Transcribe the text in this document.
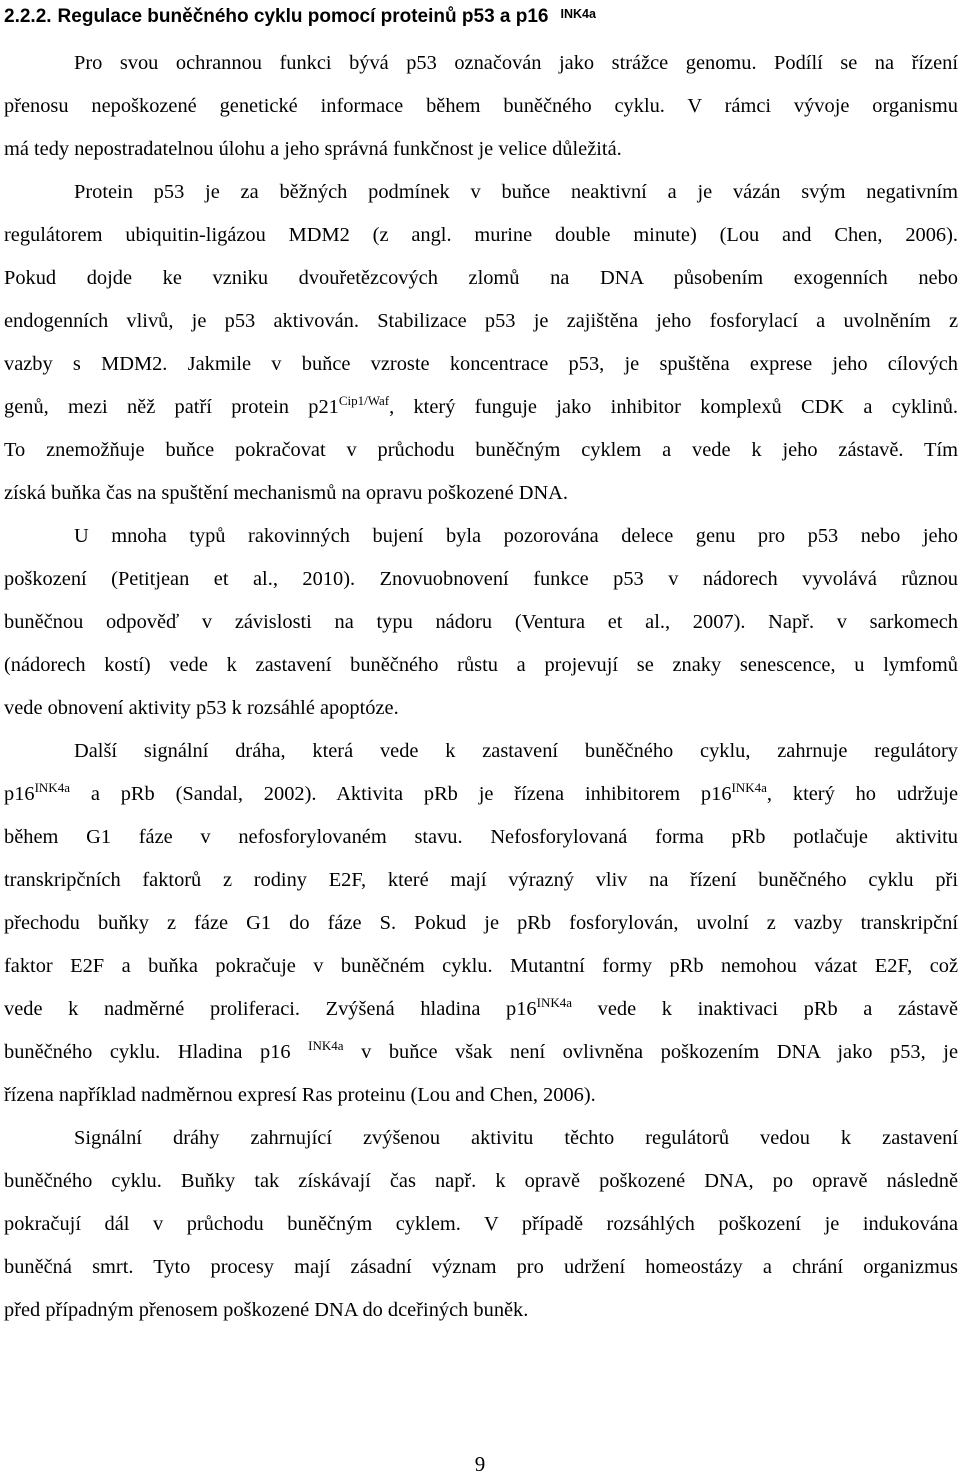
2.2.2. Regulace buněčného cyklu pomocí proteinů p53 a p16 $^{INK4a}$
Pro svou ochrannou funkci bývá p53 označován jako strážce genomu. Podílí se na řízení
přenosu nepoškozené genetické informace během buněčného cyklu. V rámci vývoje organismu
má tedy nepostradatelnou úlohu a jeho správná funkčnost je velice důležitá.
Protein p53 je za běžných podmínek v buňce neaktivní a je vázán svým negativním
regulátorem ubiquitin-ligázou MDM2 (z angl. murine double minute) (Lou and Chen, 2006).
Pokud dojde ke vzniku dvouřetězcových zlomů na DNA působením exogenních nebo
endogenních vlivů, je p53 aktivován. Stabilizace p53 je zajištěna jeho fosforylací a uvolněním z
vazby s MDM2. Jakmile v buňce vzroste koncentrace p53, je spuštěna exprese jeho cílových
genů, mezi něž patří protein $p21^{Cip1/Waf}$, který funguje jako inhibitor komplexů CDK a cyklinů.
To znemožňuje buňce pokračovat v průchodu buněčným cyklem a vede k jeho zástavě. Tím
získá buňka čas na spuštění mechanismů na opravu poškozené DNA.
U mnoha typů rakovinných bujení byla pozorována delece genu pro p53 nebo jeho
poškození (Petitjean et al., 2010). Znovuobnovení funkce p53 v nádorech vyvolává různou
buněčnou odpověď v závislosti na typu nádoru (Ventura et al., 2007). Např. v sarkomech
(nádorech kostí) vede k zastavení buněčného růstu a projevují se znaky senescence, u lymfomů
vede obnovení aktivity p53 k rozsáhlé apoptóze.
Další signální dráha, která vede k zastavení buněčného cyklu, zahrnuje regulátory
$p16^{INK4a}$ a pRb (Sandal, 2002). Aktivita pRb je řízena inhibitorem $p16^{INK4a}$, který ho udržuje
během G1 fáze v nefosforylovaném stavu. Nefosforylovaná forma pRb potlačuje aktivitu
transkripčních faktorů z rodiny E2F, které mají výrazný vliv na řízení buněčného cyklu při
přechodu buňky z fáze G1 do fáze S. Pokud je pRb fosforylován, uvolní z vazby transkripční
faktor E2F a buňka pokračuje v buněčném cyklu. Mutantní formy pRb nemohou vázat E2F, což
vede k nadměrné proliferaci. Zvýšená hladina $p16^{INK4a}$ vede k inaktivaci pRb a zástavě
buněčného cyklu. Hladina p16 $^{INK4a}$ v buňce však není ovlivněna poškozením DNA jako p53, je
řízena například nadměrnou expresí Ras proteinu (Lou and Chen, 2006).
Signální dráhy zahrnující zvýšenou aktivitu těchto regulátorů vedou k zastavení
buněčného cyklu. Buňky tak získávají čas např. k opravě poškozené DNA, po opravě následně
pokračují dál v průchodu buněčným cyklem. V případě rozsáhlých poškození je indukována
buněčná smrt. Tyto procesy mají zásadní význam pro udržení homeostázy a chrání organizmus
před případným přenosem poškozené DNA do dceřiných buněk.
9
